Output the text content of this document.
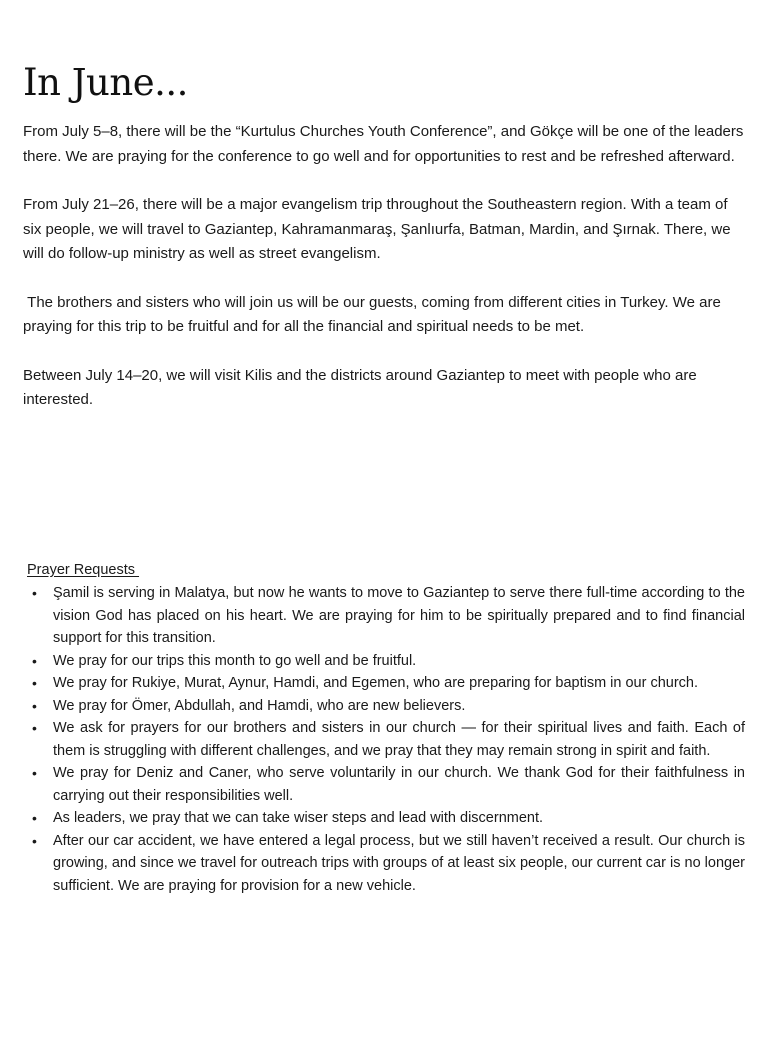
In June...

From July 5–8, there will be the “Kurtulus Churches Youth Conference”, and Gökçe will be one of the leaders there. We are praying for the conference to go well and for opportunities to rest and be refreshed afterward.

From July 21–26, there will be a major evangelism trip throughout the Southeastern region. With a team of six people, we will travel to Gaziantep, Kahramanmaraş, Şanlıurfa, Batman, Mardin, and Şırnak. There, we will do follow-up ministry as well as street evangelism.

The brothers and sisters who will join us will be our guests, coming from different cities in Turkey. We are praying for this trip to be fruitful and for all the financial and spiritual needs to be met.

Between July 14–20, we will visit Kilis and the districts around Gaziantep to meet with people who are interested.

Prayer Requests
• Şamil is serving in Malatya, but now he wants to move to Gaziantep to serve there full-time according to the vision God has placed on his heart. We are praying for him to be spiritually prepared and to find financial support for this transition.
• We pray for our trips this month to go well and be fruitful.
• We pray for Rukiye, Murat, Aynur, Hamdi, and Egemen, who are preparing for baptism in our church.
• We pray for Ömer, Abdullah, and Hamdi, who are new believers.
• We ask for prayers for our brothers and sisters in our church — for their spiritual lives and faith. Each of them is struggling with different challenges, and we pray that they may remain strong in spirit and faith.
• We pray for Deniz and Caner, who serve voluntarily in our church. We thank God for their faithfulness in carrying out their responsibilities well.
• As leaders, we pray that we can take wiser steps and lead with discernment.
• After our car accident, we have entered a legal process, but we still haven’t received a result. Our church is growing, and since we travel for outreach trips with groups of at least six people, our current car is no longer sufficient. We are praying for provision for a new vehicle.
